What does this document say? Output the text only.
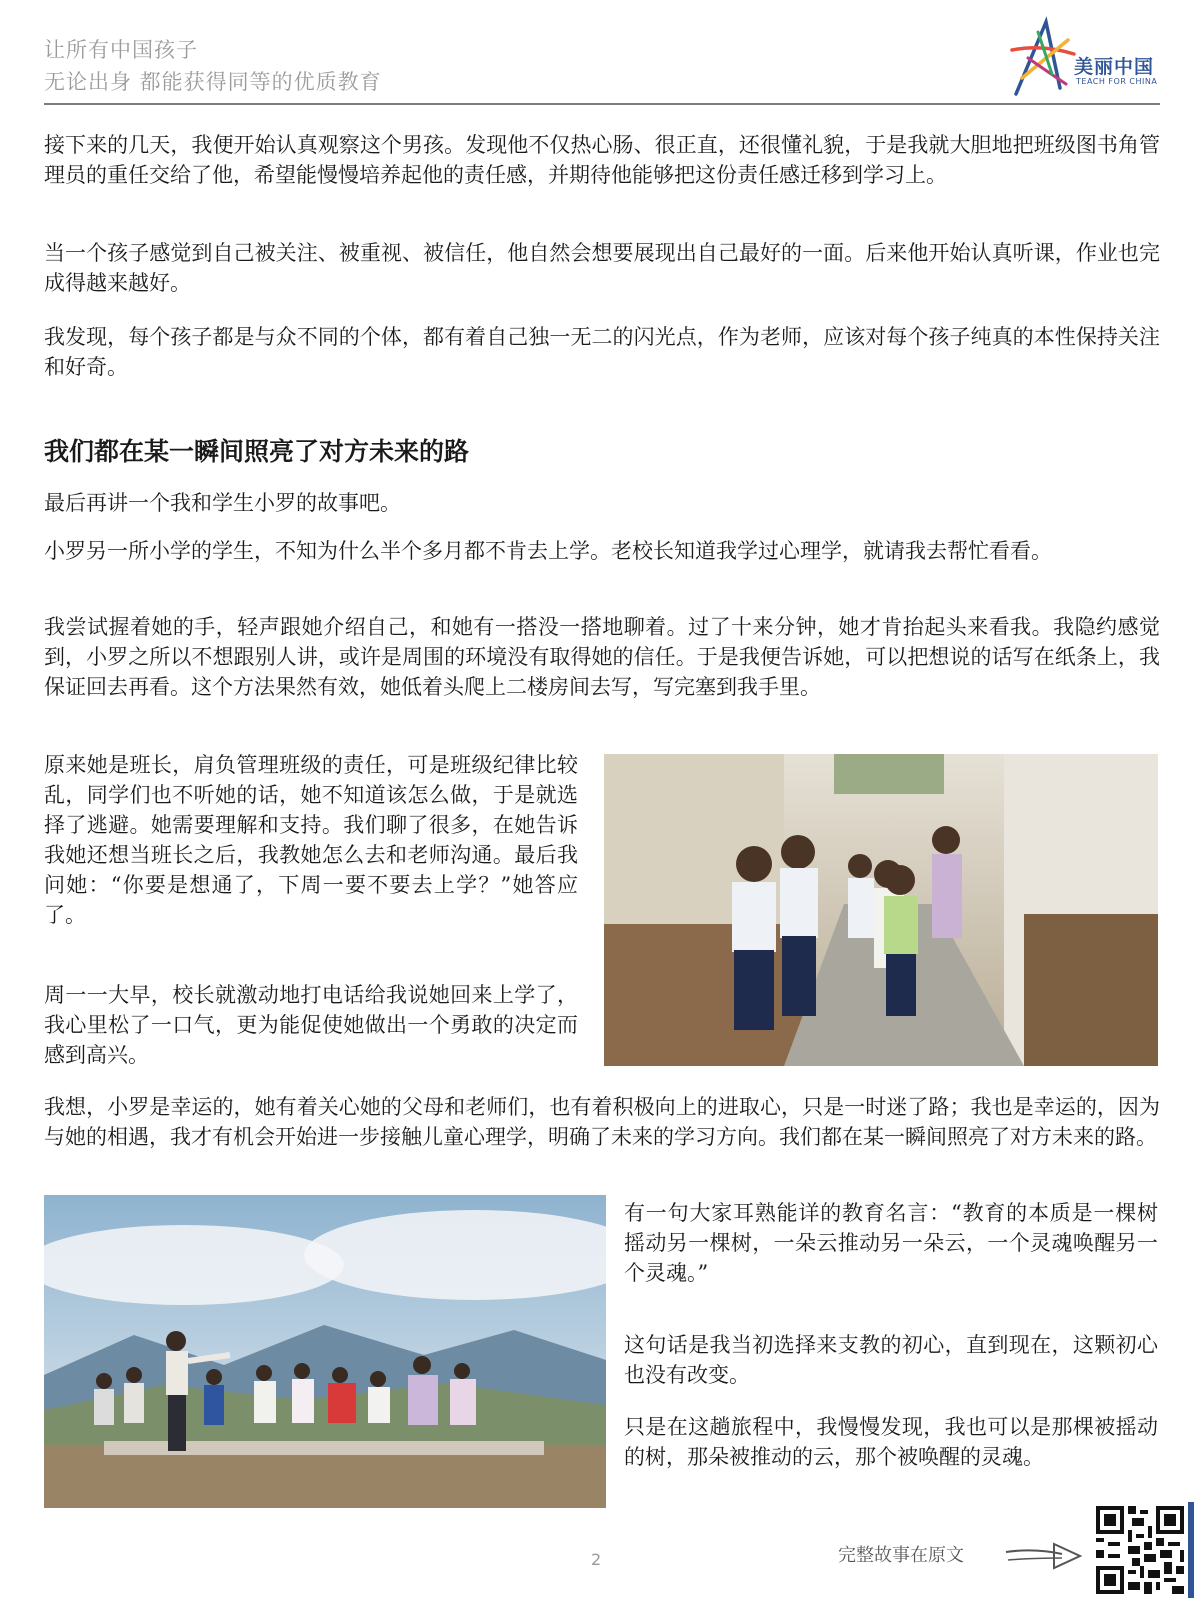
让所有中国孩子
无论出身 都能获得同等的优质教育
美丽中国
TEACH FOR CHINA

接下来的几天，我便开始认真观察这个男孩。发现他不仅热心肠、很正直，还很懂礼貌，于是我就大胆地把班级图书角管理员的重任交给了他，希望能慢慢培养起他的责任感，并期待他能够把这份责任感迁移到学习上。

当一个孩子感觉到自己被关注、被重视、被信任，他自然会想要展现出自己最好的一面。后来他开始认真听课，作业也完成得越来越好。

我发现，每个孩子都是与众不同的个体，都有着自己独一无二的闪光点，作为老师，应该对每个孩子纯真的本性保持关注和好奇。

我们都在某一瞬间照亮了对方未来的路

最后再讲一个我和学生小罗的故事吧。

小罗另一所小学的学生，不知为什么半个多月都不肯去上学。老校长知道我学过心理学，就请我去帮忙看看。

我尝试握着她的手，轻声跟她介绍自己，和她有一搭没一搭地聊着。过了十来分钟，她才肯抬起头来看我。我隐约感觉到，小罗之所以不想跟别人讲，或许是周围的环境没有取得她的信任。于是我便告诉她，可以把想说的话写在纸条上，我保证回去再看。这个方法果然有效，她低着头爬上二楼房间去写，写完塞到我手里。

原来她是班长，肩负管理班级的责任，可是班级纪律比较乱，同学们也不听她的话，她不知道该怎么做，于是就选择了逃避。她需要理解和支持。我们聊了很多，在她告诉我她还想当班长之后，我教她怎么去和老师沟通。最后我问她：“你要是想通了，下周一要不要去上学？”她答应了。

周一一大早，校长就激动地打电话给我说她回来上学了，我心里松了一口气，更为能促使她做出一个勇敢的决定而感到高兴。

我想，小罗是幸运的，她有着关心她的父母和老师们，也有着积极向上的进取心，只是一时迷了路；我也是幸运的，因为与她的相遇，我才有机会开始进一步接触儿童心理学，明确了未来的学习方向。我们都在某一瞬间照亮了对方未来的路。

有一句大家耳熟能详的教育名言：“教育的本质是一棵树摇动另一棵树，一朵云推动另一朵云，一个灵魂唤醒另一个灵魂。”

这句话是我当初选择来支教的初心，直到现在，这颗初心也没有改变。

只是在这趟旅程中，我慢慢发现，我也可以是那棵被摇动的树，那朵被推动的云，那个被唤醒的灵魂。

2	完整故事在原文
